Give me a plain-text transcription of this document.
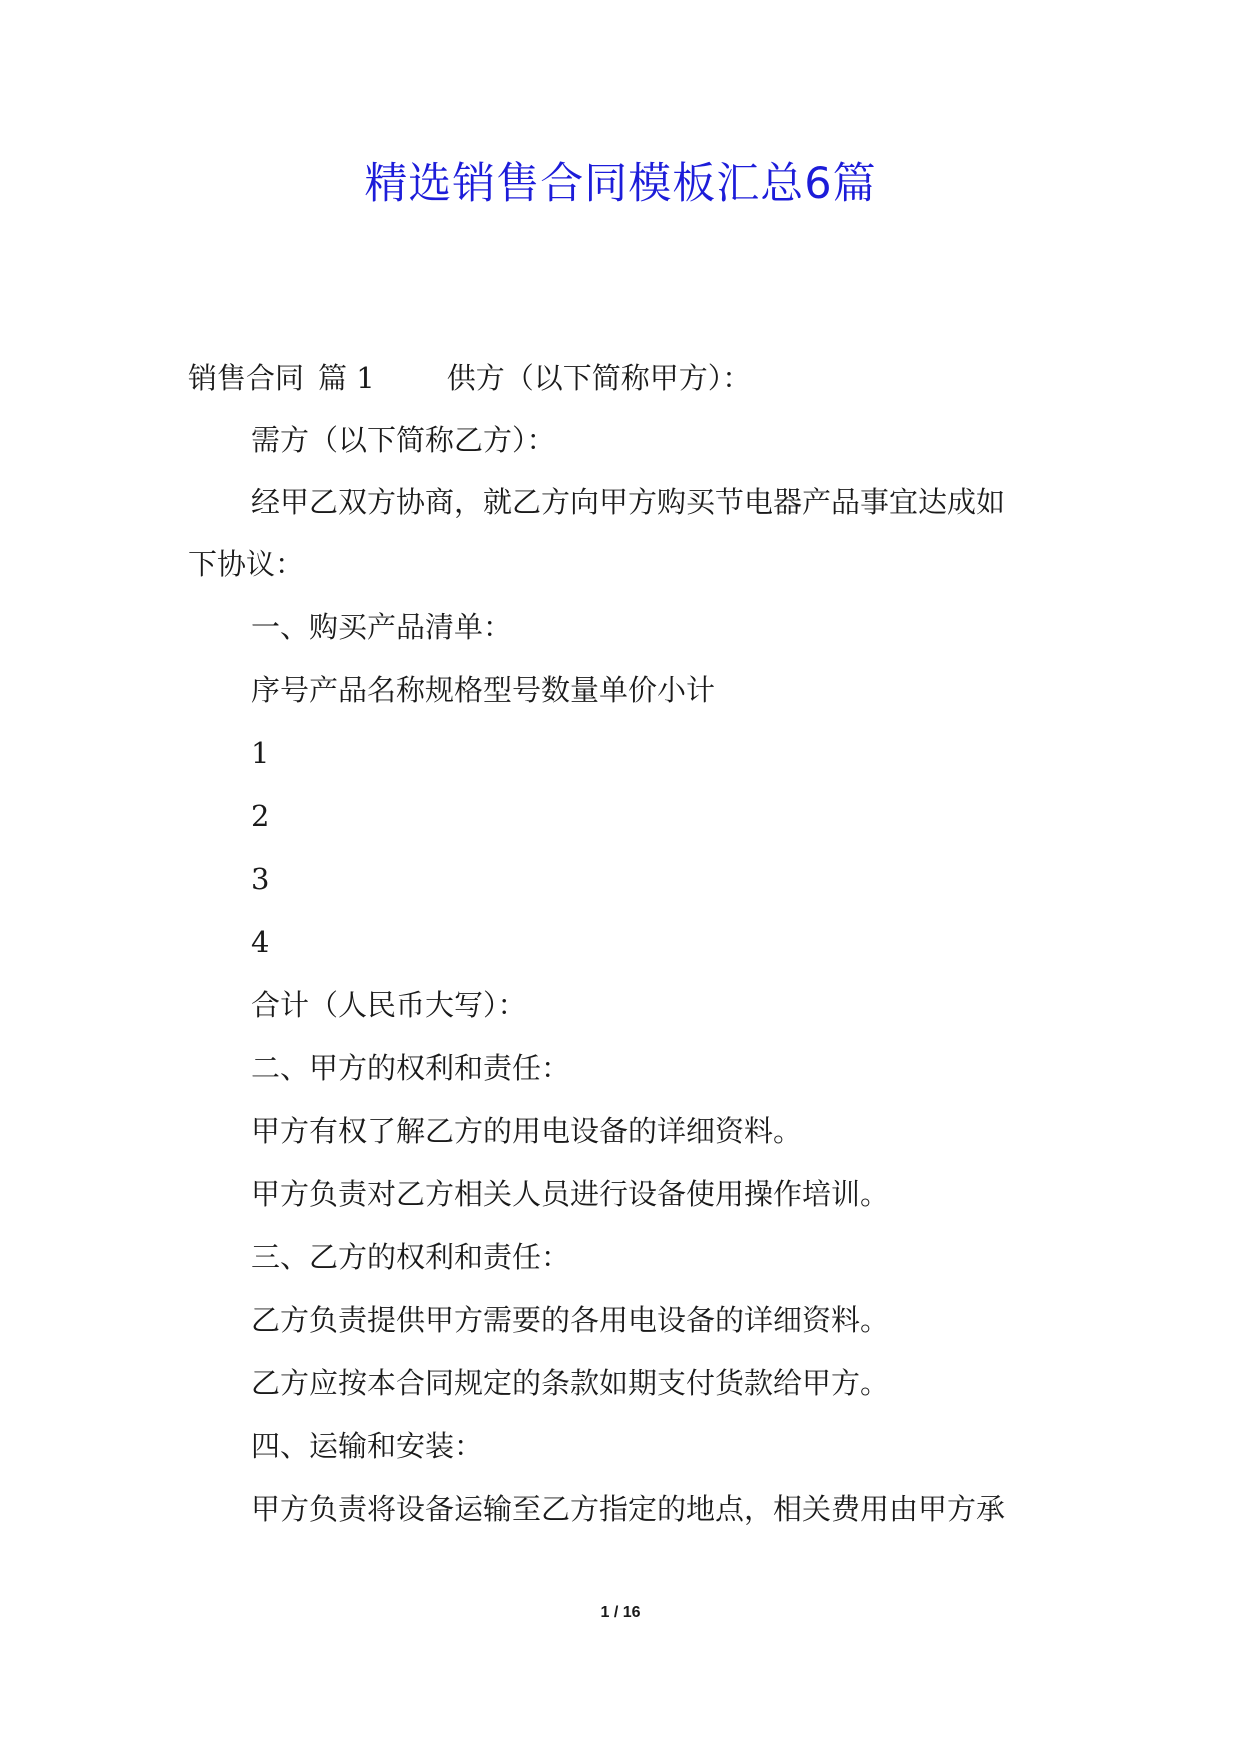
精选销售合同模板汇总6篇

销售合同 篇 1 供方（以下简称甲方）：

需方（以下简称乙方）：

经甲乙双方协商，就乙方向甲方购买节电器产品事宜达成如

下协议：

一、购买产品清单：

序号产品名称规格型号数量单价小计

1

2

3

4

合计（人民币大写）：

二、甲方的权利和责任：

甲方有权了解乙方的用电设备的详细资料。

甲方负责对乙方相关人员进行设备使用操作培训。

三、乙方的权利和责任：

乙方负责提供甲方需要的各用电设备的详细资料。

乙方应按本合同规定的条款如期支付货款给甲方。

四、运输和安装：

甲方负责将设备运输至乙方指定的地点，相关费用由甲方承

1 / 16
